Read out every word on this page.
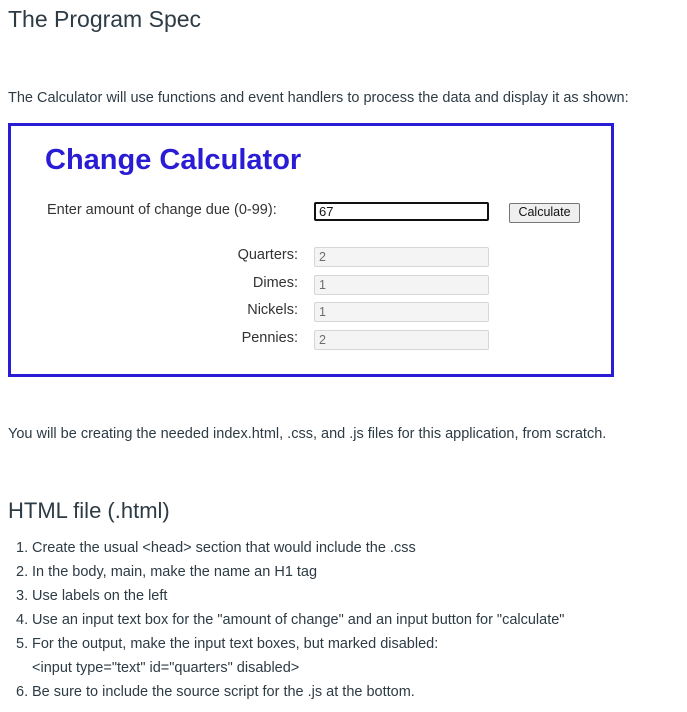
The Program Spec

The Calculator will use functions and event handlers to process the data and display it as shown:

Change Calculator
Enter amount of change due (0-99):	67	Calculate
Quarters:	2
Dimes:	1
Nickels:	1
Pennies:	2

You will be creating the needed index.html, .css, and .js files for this application, from scratch.

HTML file (.html)
1. Create the usual <head> section that would include the .css
2. In the body, main, make the name an H1 tag
3. Use labels on the left
4. Use an input text box for the "amount of change" and an input button for "calculate"
5. For the output, make the input text boxes, but marked disabled:
<input type="text" id="quarters" disabled>
6. Be sure to include the source script for the .js at the bottom.
